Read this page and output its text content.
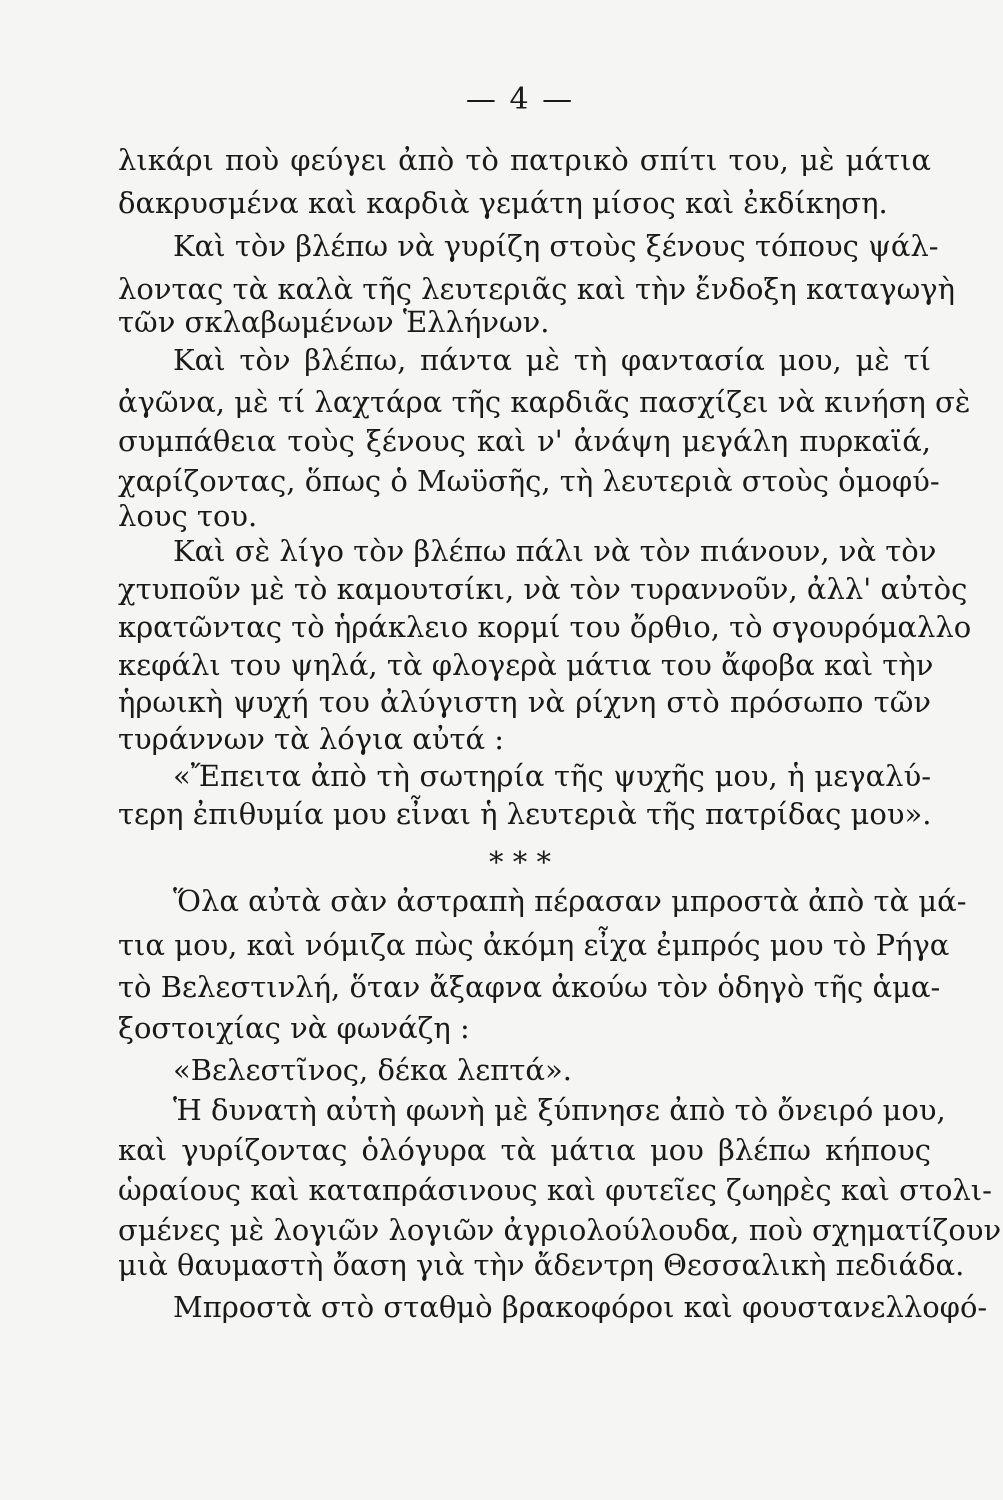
— 4 —
λικάρι ποὺ φεύγει ἀπὸ τὸ πατρικὸ σπίτι του, μὲ μάτια
δακρυσμένα καὶ καρδιὰ γεμάτη μίσος καὶ ἐκδίκηση.
Καὶ τὸν βλέπω νὰ γυρίζη στοὺς ξένους τόπους ψάλ-
λοντας τὰ καλὰ τῆς λευτεριᾶς καὶ τὴν ἔνδοξη καταγωγὴ
τῶν σκλαβωμένων Ἑλλήνων.
Καὶ τὸν βλέπω, πάντα μὲ τὴ φαντασία μου, μὲ τί
ἀγῶνα, μὲ τί λαχτάρα τῆς καρδιᾶς πασχίζει νὰ κινήση σὲ
συμπάθεια τοὺς ξένους καὶ ν' ἀνάψη μεγάλη πυρκαϊά,
χαρίζοντας, ὅπως ὁ Μωϋσῆς, τὴ λευτεριὰ στοὺς ὁμοφύ-
λους του.
Καὶ σὲ λίγο τὸν βλέπω πάλι νὰ τὸν πιάνουν, νὰ τὸν
χτυποῦν μὲ τὸ καμουτσίκι, νὰ τὸν τυραννοῦν, ἀλλ' αὐτὸς
κρατῶντας τὸ ἡράκλειο κορμί του ὄρθιο, τὸ σγουρόμαλλο
κεφάλι του ψηλά, τὰ φλογερὰ μάτια του ἄφοβα καὶ τὴν
ἡρωικὴ ψυχή του ἀλύγιστη νὰ ρίχνη στὸ πρόσωπο τῶν
τυράννων τὰ λόγια αὐτά :
«Ἔπειτα ἀπὸ τὴ σωτηρία τῆς ψυχῆς μου, ἡ μεγαλύ-
τερη ἐπιθυμία μου εἶναι ἡ λευτεριὰ τῆς πατρίδας μου».
* * *
Ὅλα αὐτὰ σὰν ἀστραπὴ πέρασαν μπροστὰ ἀπὸ τὰ μά-
τια μου, καὶ νόμιζα πὼς ἀκόμη εἶχα ἐμπρός μου τὸ Ρήγα
τὸ Βελεστινλή, ὅταν ἄξαφνα ἀκούω τὸν ὁδηγὸ τῆς ἁμα-
ξοστοιχίας νὰ φωνάζη :
«Βελεστῖνος, δέκα λεπτά».
Ἡ δυνατὴ αὐτὴ φωνὴ μὲ ξύπνησε ἀπὸ τὸ ὄνειρό μου,
καὶ γυρίζοντας ὁλόγυρα τὰ μάτια μου βλέπω κήπους
ὡραίους καὶ καταπράσινους καὶ φυτεῖες ζωηρὲς καὶ στολι-
σμένες μὲ λογιῶν λογιῶν ἀγριολούλουδα, ποὺ σχηματίζουν
μιὰ θαυμαστὴ ὄαση γιὰ τὴν ἄδεντρη Θεσσαλικὴ πεδιάδα.
Μπροστὰ στὸ σταθμὸ βρακοφόροι καὶ φουστανελλοφό-
